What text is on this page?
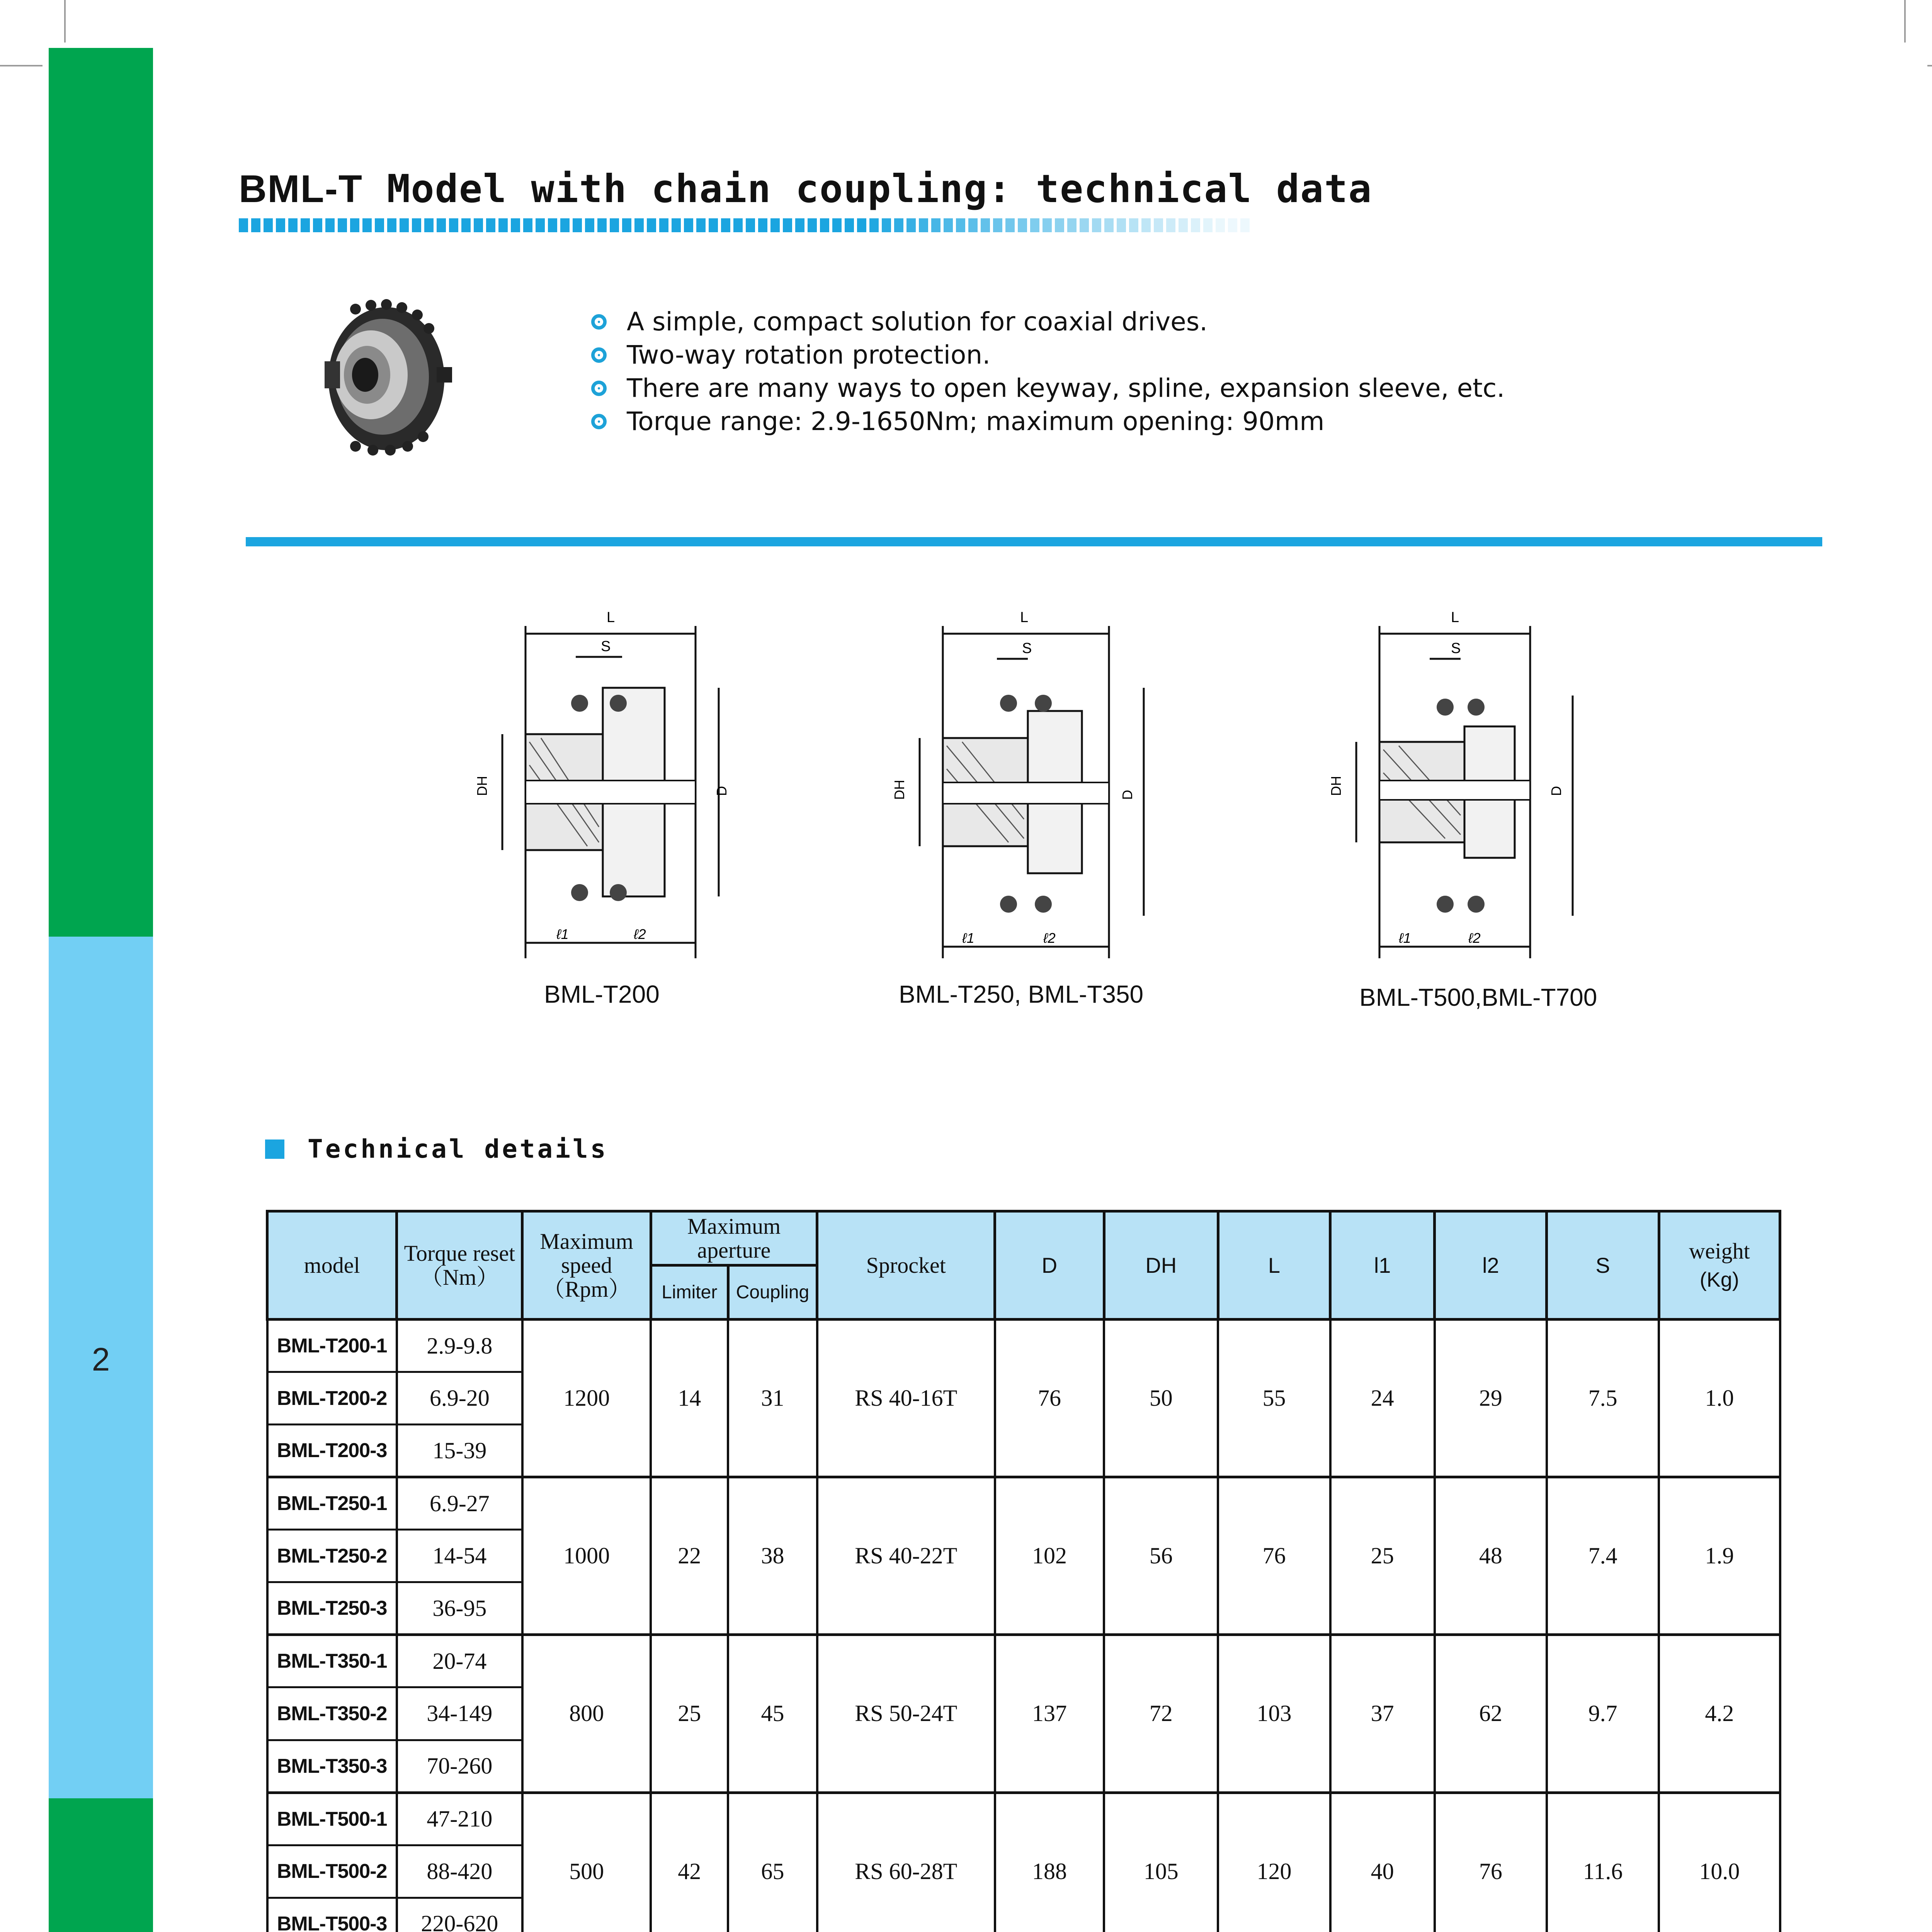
2
BML-T Model with chain coupling: technical data
A simple, compact solution for coaxial drives.
Two-way rotation protection.
There are many ways to open keyway, spline, expansion sleeve, etc.
Torque range: 2.9-1650Nm; maximum opening: 90mm
L
S
DH	D
ℓ1	ℓ2
BML-T200
L
S
DH	D
ℓ1	ℓ2
BML-T250, BML-T350
L
S
DH	D
ℓ1	ℓ2
BML-T500,BML-T700
Technical details
model	Torque reset （Nm）	Maximum speed （Rpm）	Maximum aperture		Sprocket	D	DH	L	l1	l2	S	weight
(Kg)

			Limiter	Coupling								
BML-T200-1	2.9-9.8	1200	14	31	RS 40-16T	76	50	55	24	29	7.5	1.0
BML-T200-2	6.9-20											
BML-T200-3	15-39											
BML-T250-1	6.9-27	1000	22	38	RS 40-22T	102	56	76	25	48	7.4	1.9
BML-T250-2	14-54											
BML-T250-3	36-95											
BML-T350-1	20-74	800	25	45	RS 50-24T	137	72	103	37	62	9.7	4.2
BML-T350-2	34-149											
BML-T350-3	70-260											
BML-T500-1	47-210	500	42	65	RS 60-28T	188	105	120	40	76	11.6	10.0
BML-T500-2	88-420											
BML-T500-3	220-620											
